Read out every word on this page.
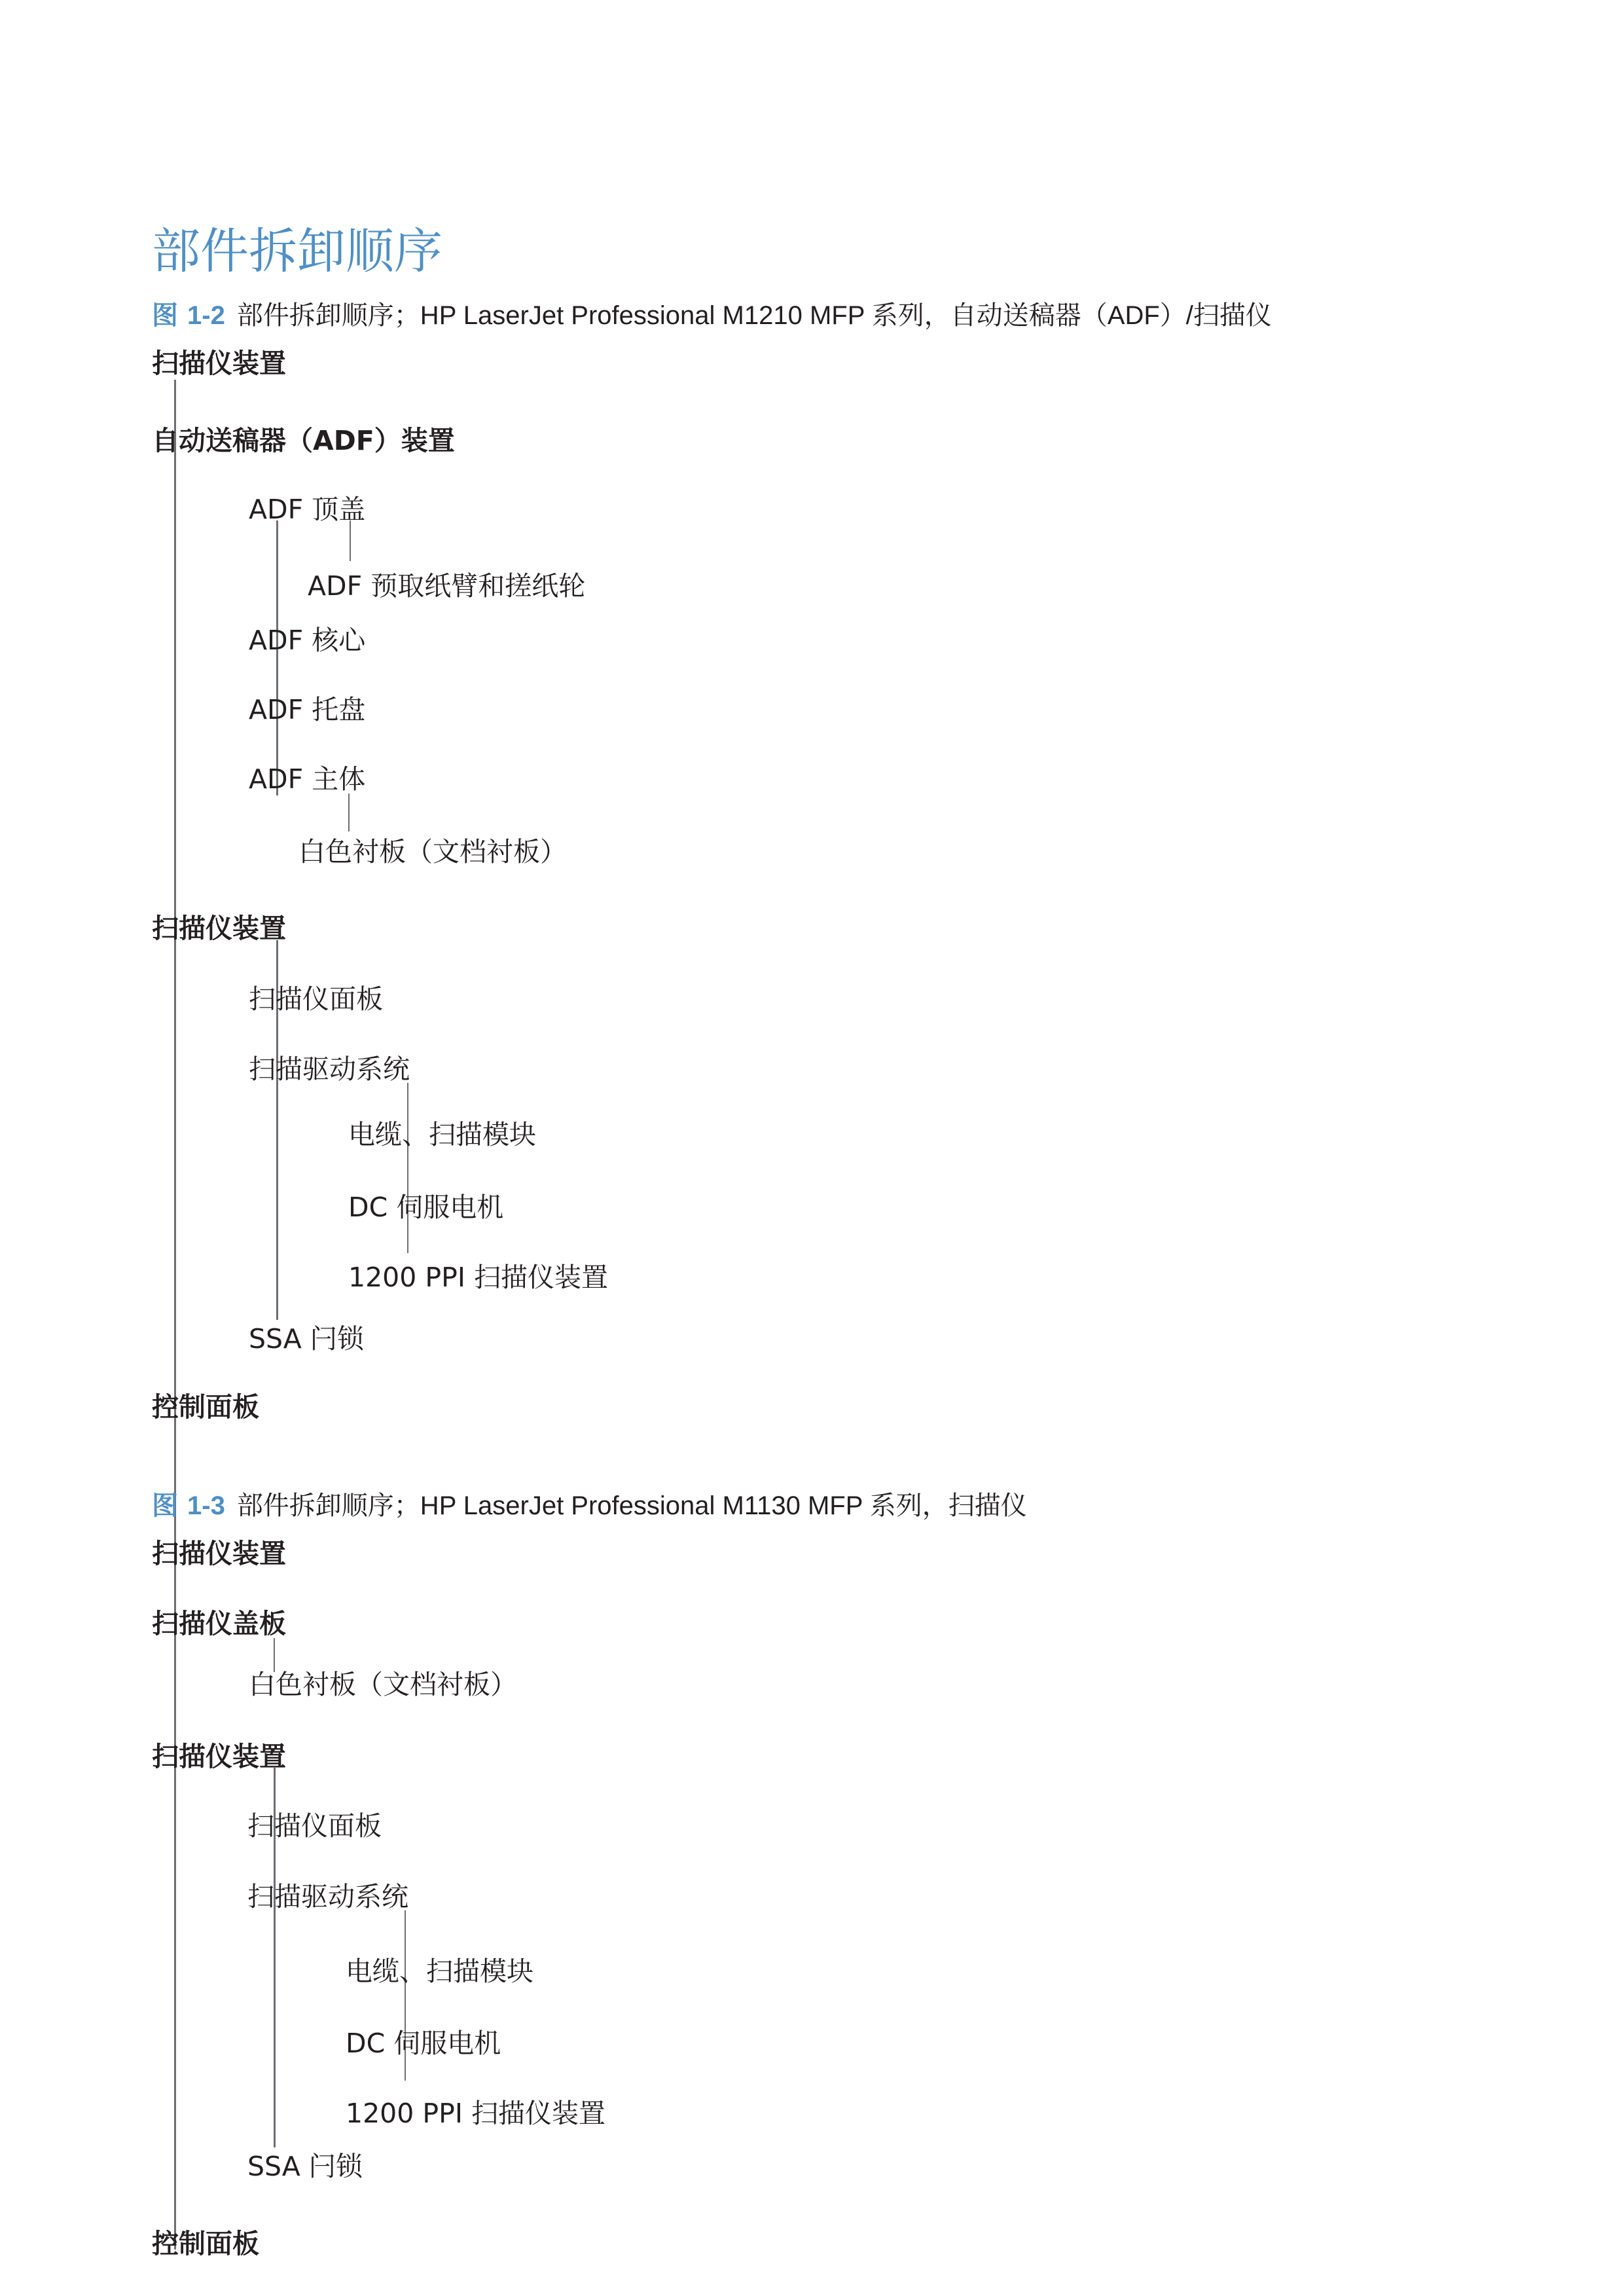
部件拆卸顺序
图 1-2 部件拆卸顺序；HP LaserJet Professional M1210 MFP 系列，自动送稿器（ADF）/扫描仪
扫描仪装置
自动送稿器（ADF）装置
ADF 顶盖
ADF 预取纸臂和搓纸轮
ADF 核心
ADF 托盘
ADF 主体
白色衬板（文档衬板）
扫描仪装置
扫描仪面板
扫描驱动系统
电缆、扫描模块
DC 伺服电机
1200 PPI 扫描仪装置
SSA 闩锁
控制面板
图 1-3 部件拆卸顺序；HP LaserJet Professional M1130 MFP 系列，扫描仪
扫描仪装置
扫描仪盖板
白色衬板（文档衬板）
扫描仪装置
扫描仪面板
扫描驱动系统
电缆、扫描模块
DC 伺服电机
1200 PPI 扫描仪装置
SSA 闩锁
控制面板
